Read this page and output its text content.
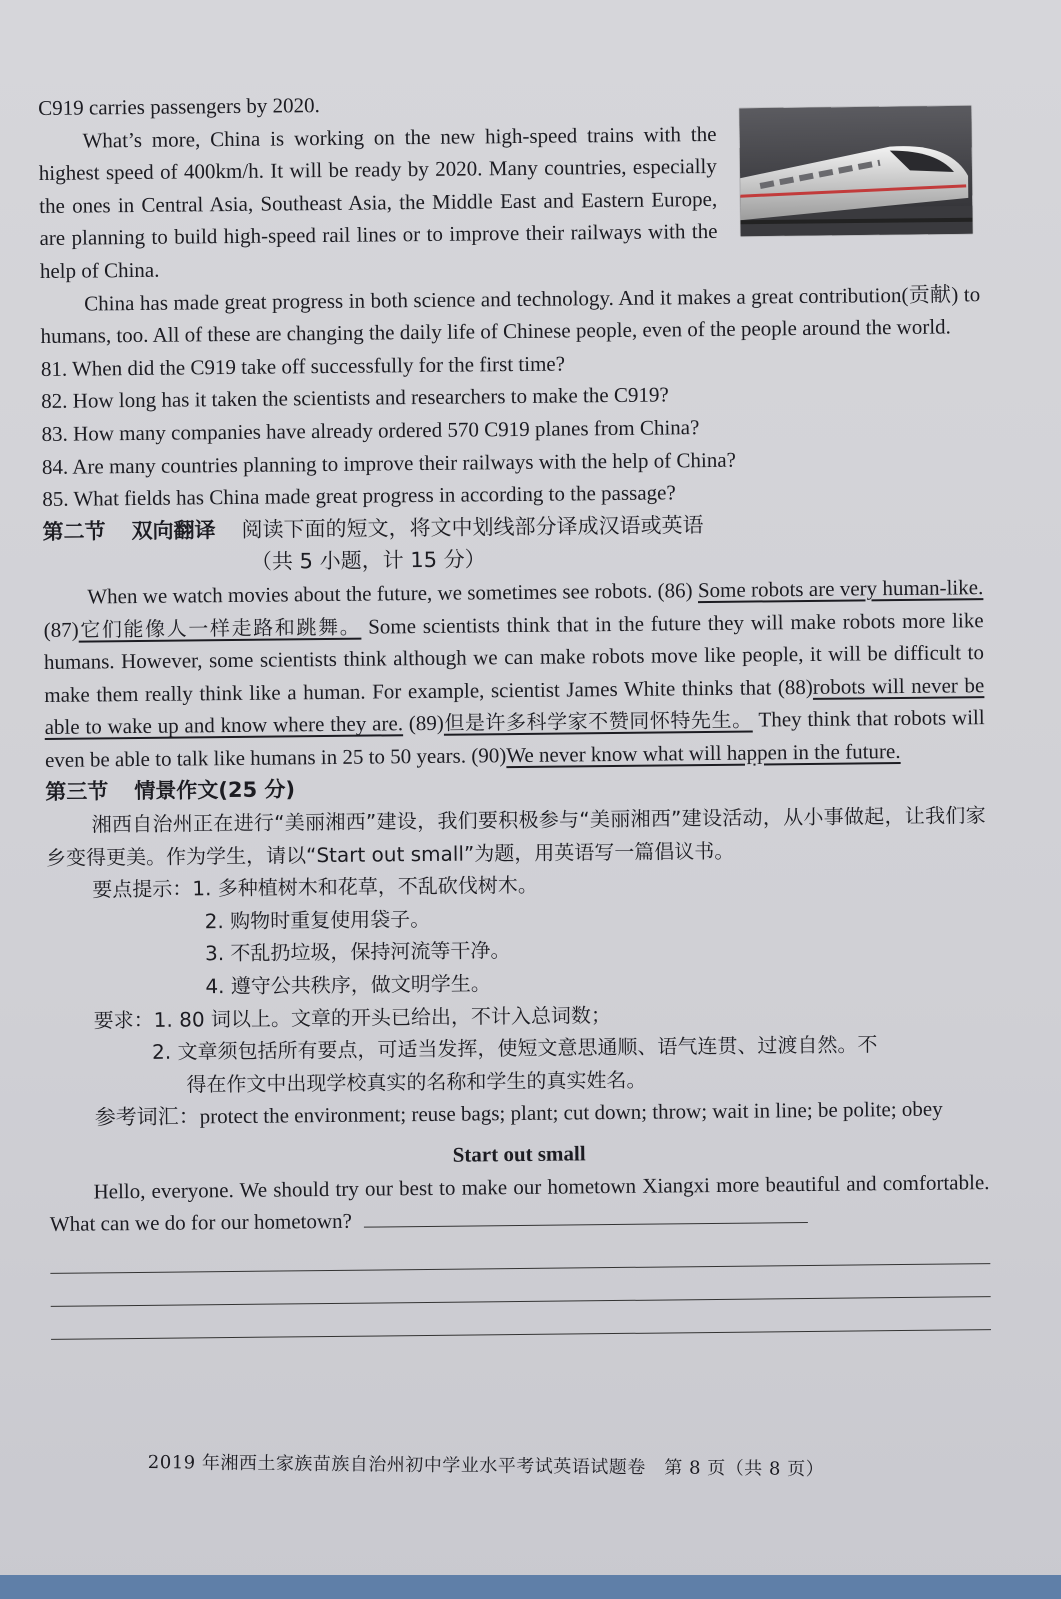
C919 carries passengers by 2020.

What’s more, China is working on the new high-speed trains with the highest speed of 400km/h. It will be ready by 2020. Many countries, especially the ones in Central Asia, Southeast Asia, the Middle East and Eastern Europe, are planning to build high-speed rail lines or to improve their railways with the help of China.

China has made great progress in both science and technology. And it makes a great contribution(贡献) to humans, too. All of these are changing the daily life of Chinese people, even of the people around the world.

81. When did the C919 take off successfully for the first time?

82. How long has it taken the scientists and researchers to make the C919?

83. How many companies have already ordered 570 C919 planes from China?

84. Are many countries planning to improve their railways with the help of China?

85. What fields has China made great progress in according to the passage?

第二节 双向翻译 阅读下面的短文，将文中划线部分译成汉语或英语

（共 5 小题，计 15 分）

When we watch movies about the future, we sometimes see robots. (86) Some robots are very human-like. (87)它们能像人一样走路和跳舞。 Some scientists think that in the future they will make robots more like humans. However, some scientists think although we can make robots move like people, it will be difficult to make them really think like a human. For example, scientist James White thinks that (88)robots will never be able to wake up and know where they are. (89)但是许多科学家不赞同怀特先生。 They think that robots will even be able to talk like humans in 25 to 50 years. (90)We never know what will happen in the future.

第三节 情景作文(25 分)

湘西自治州正在进行“美丽湘西”建设，我们要积极参与“美丽湘西”建设活动，从小事做起，让我们家乡变得更美。作为学生，请以“Start out small”为题，用英语写一篇倡议书。

要点提示：1. 多种植树木和花草，不乱砍伐树木。

2. 购物时重复使用袋子。

3. 不乱扔垃圾，保持河流等干净。

4. 遵守公共秩序，做文明学生。

要求：1. 80 词以上。文章的开头已给出，不计入总词数；

2. 文章须包括所有要点，可适当发挥，使短文意思通顺、语气连贯、过渡自然。不

得在作文中出现学校真实的名称和学生的真实姓名。

参考词汇：protect the environment; reuse bags; plant; cut down; throw; wait in line; be polite; obey

Start out small

Hello, everyone. We should try our best to make our hometown Xiangxi more beautiful and comfortable. What can we do for our hometown?

2019 年湘西土家族苗族自治州初中学业水平考试英语试题卷　第 8 页（共 8 页）
